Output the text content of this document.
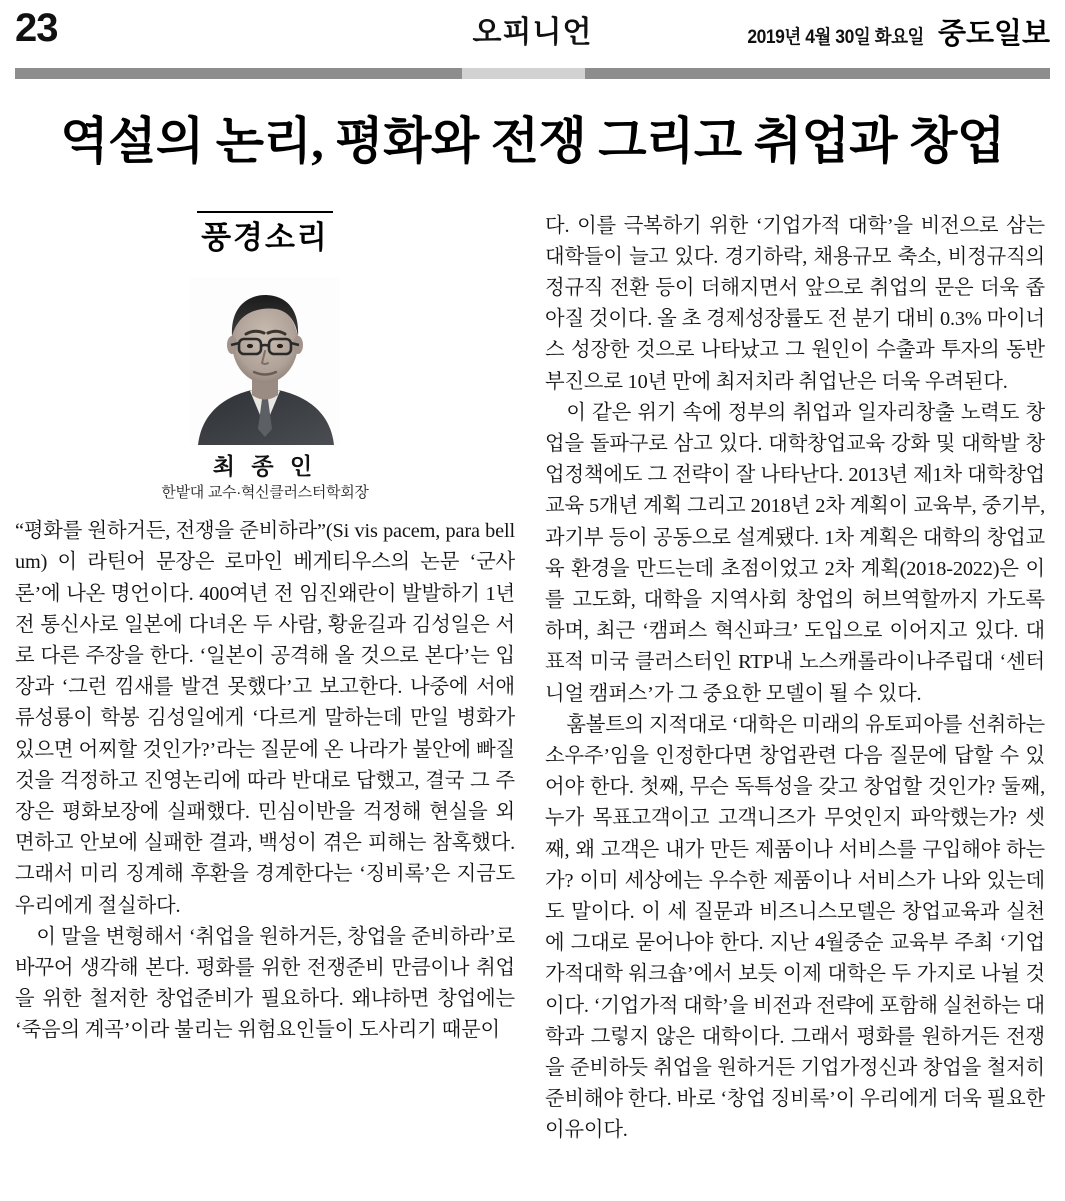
23	오피니언	2019년 4월 30일 화요일 중도일보
역설의 논리, 평화와 전쟁 그리고 취업과 창업
풍경소리
최 종 인
한밭대 교수·혁신클러스터학회장

“평화를 원하거든, 전쟁을 준비하라”(Si vis pacem, para bellum) 이 라틴어 문장은 로마인 베게티우스의 논문 ‘군사론’에 나온 명언이다. 400여년 전 임진왜란이 발발하기 1년 전 통신사로 일본에 다녀온 두 사람, 황윤길과 김성일은 서로 다른 주장을 한다. ‘일본이 공격해 올 것으로 본다’는 입장과 ‘그런 낌새를 발견 못했다’고 보고한다. 나중에 서애 류성룡이 학봉 김성일에게 ‘다르게 말하는데 만일 병화가 있으면 어찌할 것인가?’라는 질문에 온 나라가 불안에 빠질 것을 걱정하고 진영논리에 따라 반대로 답했고, 결국 그 주장은 평화보장에 실패했다. 민심이반을 걱정해 현실을 외면하고 안보에 실패한 결과, 백성이 겪은 피해는 참혹했다. 그래서 미리 징계해 후환을 경계한다는 ‘징비록’은 지금도 우리에게 절실하다.

이 말을 변형해서 ‘취업을 원하거든, 창업을 준비하라’로 바꾸어 생각해 본다. 평화를 위한 전쟁준비 만큼이나 취업을 위한 철저한 창업준비가 필요하다. 왜냐하면 창업에는 ‘죽음의 계곡’이라 불리는 위험요인들이 도사리기 때문이

다. 이를 극복하기 위한 ‘기업가적 대학’을 비전으로 삼는 대학들이 늘고 있다. 경기하락, 채용규모 축소, 비정규직의 정규직 전환 등이 더해지면서 앞으로 취업의 문은 더욱 좁아질 것이다. 올 초 경제성장률도 전 분기 대비 0.3% 마이너스 성장한 것으로 나타났고 그 원인이 수출과 투자의 동반 부진으로 10년 만에 최저치라 취업난은 더욱 우려된다.

이 같은 위기 속에 정부의 취업과 일자리창출 노력도 창업을 돌파구로 삼고 있다. 대학창업교육 강화 및 대학발 창업정책에도 그 전략이 잘 나타난다. 2013년 제1차 대학창업교육 5개년 계획 그리고 2018년 2차 계획이 교육부, 중기부, 과기부 등이 공동으로 설계됐다. 1차 계획은 대학의 창업교육 환경을 만드는데 초점이었고 2차 계획(2018-2022)은 이를 고도화, 대학을 지역사회 창업의 허브역할까지 가도록 하며, 최근 ‘캠퍼스 혁신파크’ 도입으로 이어지고 있다. 대표적 미국 클러스터인 RTP내 노스캐롤라이나주립대 ‘센터니얼 캠퍼스’가 그 중요한 모델이 될 수 있다.

훔볼트의 지적대로 ‘대학은 미래의 유토피아를 선취하는 소우주’임을 인정한다면 창업관련 다음 질문에 답할 수 있어야 한다. 첫째, 무슨 독특성을 갖고 창업할 것인가? 둘째, 누가 목표고객이고 고객니즈가 무엇인지 파악했는가? 셋째, 왜 고객은 내가 만든 제품이나 서비스를 구입해야 하는가? 이미 세상에는 우수한 제품이나 서비스가 나와 있는데도 말이다. 이 세 질문과 비즈니스모델은 창업교육과 실천에 그대로 묻어나야 한다. 지난 4월중순 교육부 주최 ‘기업가적대학 워크숍’에서 보듯 이제 대학은 두 가지로 나뉠 것이다. ‘기업가적 대학’을 비전과 전략에 포함해 실천하는 대학과 그렇지 않은 대학이다. 그래서 평화를 원하거든 전쟁을 준비하듯 취업을 원하거든 기업가정신과 창업을 철저히 준비해야 한다. 바로 ‘창업 징비록’이 우리에게 더욱 필요한 이유이다.
